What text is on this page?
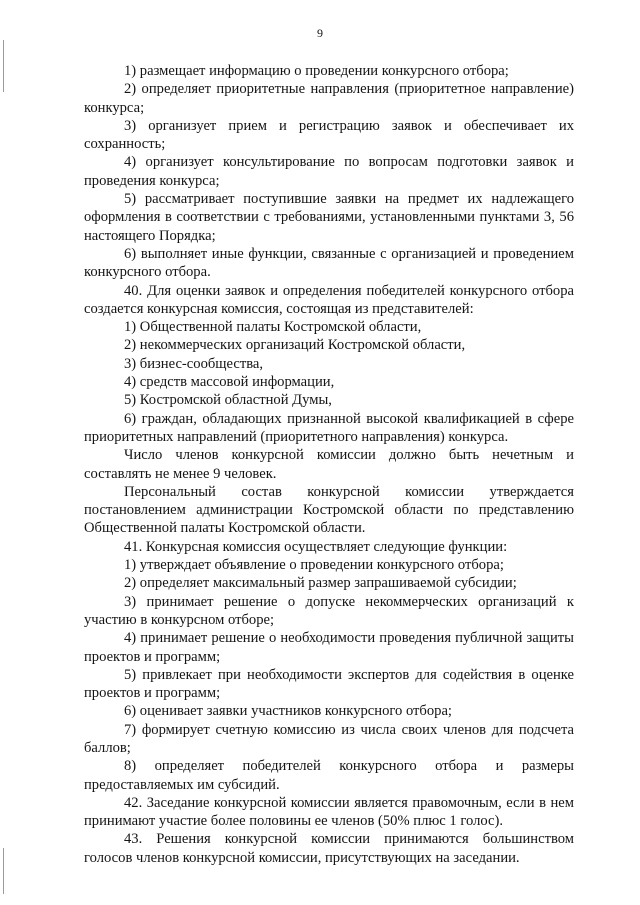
9

1) размещает информацию о проведении конкурсного отбора;

2) определяет приоритетные направления (приоритетное направление) конкурса;

3) организует прием и регистрацию заявок и обеспечивает их сохранность;

4) организует консультирование по вопросам подготовки заявок и проведения конкурса;

5) рассматривает поступившие заявки на предмет их надлежащего оформления в соответствии с требованиями, установленными пунктами 3, 56 настоящего Порядка;

6) выполняет иные функции, связанные с организацией и проведением конкурсного отбора.

40. Для оценки заявок и определения победителей конкурсного отбора создается конкурсная комиссия, состоящая из представителей:

1) Общественной палаты Костромской области,

2) некоммерческих организаций Костромской области,

3) бизнес-сообщества,

4) средств массовой информации,

5) Костромской областной Думы,

6) граждан, обладающих признанной высокой квалификацией в сфере приоритетных направлений (приоритетного направления) конкурса.

Число членов конкурсной комиссии должно быть нечетным и составлять не менее 9 человек.

Персональный состав конкурсной комиссии утверждается постановлением администрации Костромской области по представлению Общественной палаты Костромской области.

41. Конкурсная комиссия осуществляет следующие функции:

1) утверждает объявление о проведении конкурсного отбора;

2) определяет максимальный размер запрашиваемой субсидии;

3) принимает решение о допуске некоммерческих организаций к участию в конкурсном отборе;

4) принимает решение о необходимости проведения публичной защиты проектов и программ;

5) привлекает при необходимости экспертов для содействия в оценке проектов и программ;

6) оценивает заявки участников конкурсного отбора;

7) формирует счетную комиссию из числа своих членов для подсчета баллов;

8) определяет победителей конкурсного отбора и размеры предоставляемых им субсидий.

42. Заседание конкурсной комиссии является правомочным, если в нем принимают участие более половины ее членов (50% плюс 1 голос).

43. Решения конкурсной комиссии принимаются большинством голосов членов конкурсной комиссии, присутствующих на заседании.
